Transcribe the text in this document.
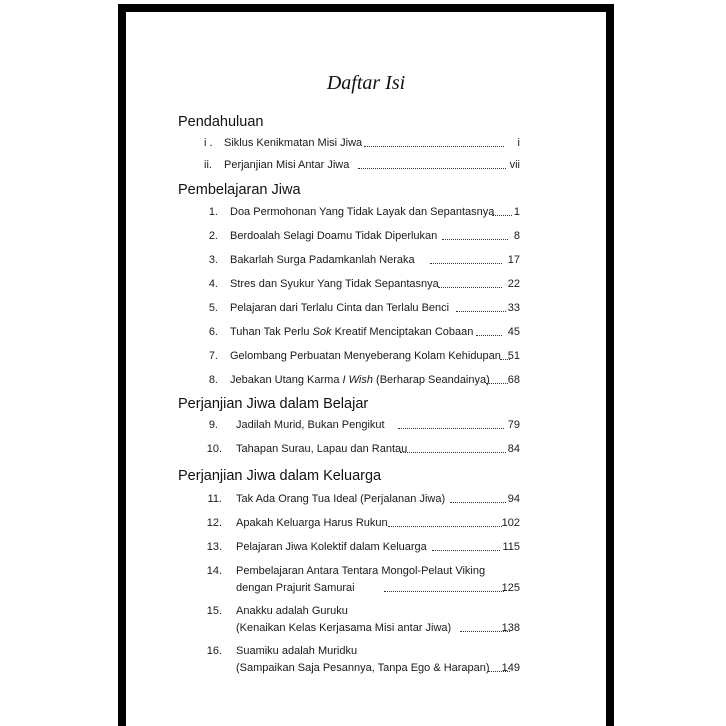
Daftar Isi
Pendahuluan
i . Siklus Kenikmatan Misi Jiwa	i
ii. Perjanjian Misi Antar Jiwa	vii
Pembelajaran Jiwa
1. Doa Permohonan Yang Tidak Layak dan Sepantasnya 1
2. Berdoalah Selagi Doamu Tidak Diperlukan	8
3. Bakarlah Surga Padamkanlah Neraka	17
4. Stres dan Syukur Yang Tidak Sepantasnya	22
5. Pelajaran dari Terlalu Cinta dan Terlalu Benci	33
6. Tuhan Tak Perlu Sok Kreatif Menciptakan Cobaan	45
7. Gelombang Perbuatan Menyeberang Kolam Kehidupan 51
8. Jebakan Utang Karma I Wish (Berharap Seandainya) 68
Perjanjian Jiwa dalam Belajar
9. Jadilah Murid, Bukan Pengikut	79
10. Tahapan Surau, Lapau dan Rantau	84
Perjanjian Jiwa dalam Keluarga
11. Tak Ada Orang Tua Ideal (Perjalanan Jiwa)	94
12. Apakah Keluarga Harus Rukun	102
13. Pelajaran Jiwa Kolektif dalam Keluarga	115
14. Pembelajaran Antara Tentara Mongol-Pelaut Viking
dengan Prajurit Samurai	125
15. Anakku adalah Guruku
(Kenaikan Kelas Kerjasama Misi antar Jiwa)	138
16. Suamiku adalah Muridku
(Sampaikan Saja Pesannya, Tanpa Ego & Harapan) 149
